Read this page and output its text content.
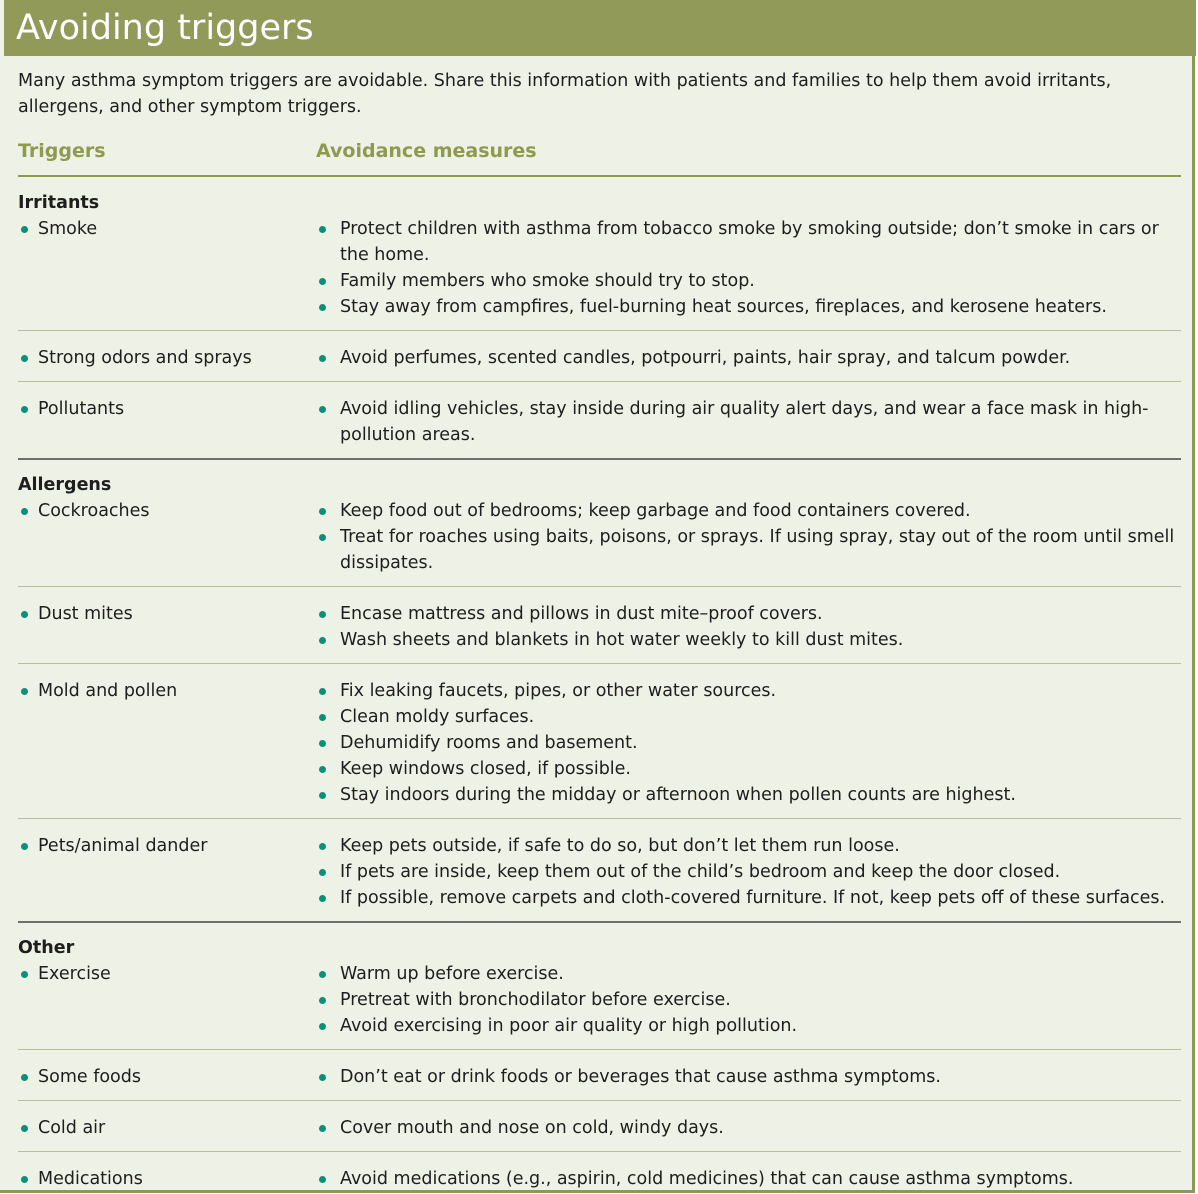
Avoiding triggers
Many asthma symptom triggers are avoidable. Share this information with patients and families to help them avoid irritants, allergens, and other symptom triggers.
Triggers	Avoidance measures
Irritants
Smoke	Protect children with asthma from tobacco smoke by smoking outside; don’t smoke in cars or the home.
Family members who smoke should try to stop.
Stay away from campfires, fuel-burning heat sources, fireplaces, and kerosene heaters.
Strong odors and sprays	Avoid perfumes, scented candles, potpourri, paints, hair spray, and talcum powder.
Pollutants	Avoid idling vehicles, stay inside during air quality alert days, and wear a face mask in high-pollution areas.
Allergens
Cockroaches	Keep food out of bedrooms; keep garbage and food containers covered.
Treat for roaches using baits, poisons, or sprays. If using spray, stay out of the room until smell dissipates.
Dust mites	Encase mattress and pillows in dust mite–proof covers.
Wash sheets and blankets in hot water weekly to kill dust mites.
Mold and pollen	Fix leaking faucets, pipes, or other water sources.
Clean moldy surfaces.
Dehumidify rooms and basement.
Keep windows closed, if possible.
Stay indoors during the midday or afternoon when pollen counts are highest.
Pets/animal dander	Keep pets outside, if safe to do so, but don’t let them run loose.
If pets are inside, keep them out of the child’s bedroom and keep the door closed.
If possible, remove carpets and cloth-covered furniture. If not, keep pets off of these surfaces.
Other
Exercise	Warm up before exercise.
Pretreat with bronchodilator before exercise.
Avoid exercising in poor air quality or high pollution.
Some foods	Don’t eat or drink foods or beverages that cause asthma symptoms.
Cold air	Cover mouth and nose on cold, windy days.
Medications	Avoid medications (e.g., aspirin, cold medicines) that can cause asthma symptoms.
